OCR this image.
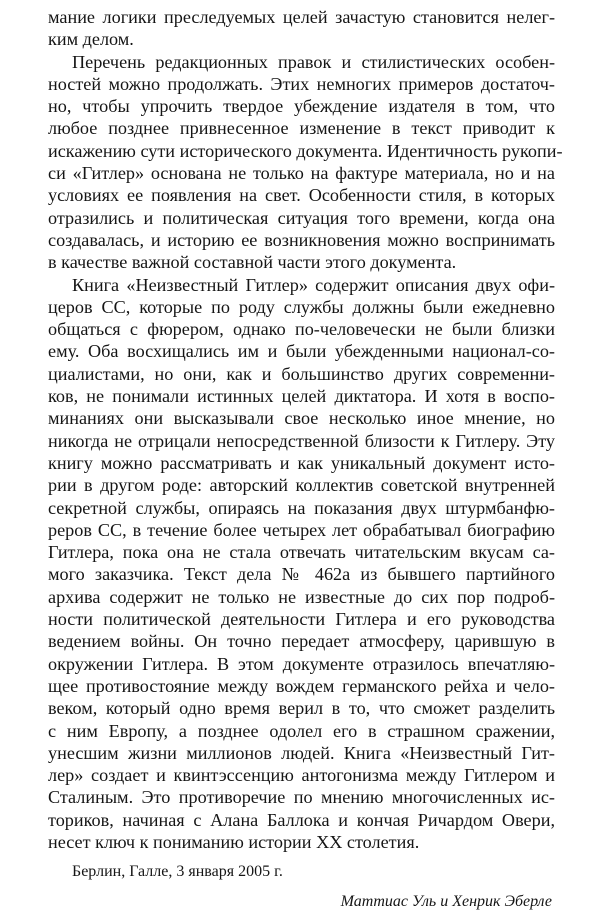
мание логики преследуемых целей зачастую становится нелег-
ким делом.
Перечень редакционных правок и стилистических особен-
ностей можно продолжать. Этих немногих примеров достаточ-
но, чтобы упрочить твердое убеждение издателя в том, что
любое позднее привнесенное изменение в текст приводит к
искажению сути исторического документа. Идентичность рукопи-
си «Гитлер» основана не только на фактуре материала, но и на
условиях ее появления на свет. Особенности стиля, в которых
отразились и политическая ситуация того времени, когда она
создавалась, и историю ее возникновения можно воспринимать
в качестве важной составной части этого документа.
Книга «Неизвестный Гитлер» содержит описания двух офи-
церов СС, которые по роду службы должны были ежедневно
общаться с фюрером, однако по-человечески не были близки
ему. Оба восхищались им и были убежденными национал-со-
циалистами, но они, как и большинство других современни-
ков, не понимали истинных целей диктатора. И хотя в воспо-
минаниях они высказывали свое несколько иное мнение, но
никогда не отрицали непосредственной близости к Гитлеру. Эту
книгу можно рассматривать и как уникальный документ исто-
рии в другом роде: авторский коллектив советской внутренней
секретной службы, опираясь на показания двух штурмбанфю-
реров СС, в течение более четырех лет обрабатывал биографию
Гитлера, пока она не стала отвечать читательским вкусам са-
мого заказчика. Текст дела № 462а из бывшего партийного
архива содержит не только не известные до сих пор подроб-
ности политической деятельности Гитлера и его руководства
ведением войны. Он точно передает атмосферу, царившую в
окружении Гитлера. В этом документе отразилось впечатляю-
щее противостояние между вождем германского рейха и чело-
веком, который одно время верил в то, что сможет разделить
с ним Европу, а позднее одолел его в страшном сражении,
унесшим жизни миллионов людей. Книга «Неизвестный Гит-
лер» создает и квинтэссенцию антогонизма между Гитлером и
Сталиным. Это противоречие по мнению многочисленных ис-
ториков, начиная с Алана Баллока и кончая Ричардом Овери,
несет ключ к пониманию истории XX столетия.
Берлин, Галле, 3 января 2005 г.
Маттиас Уль и Хенрик Эберле
